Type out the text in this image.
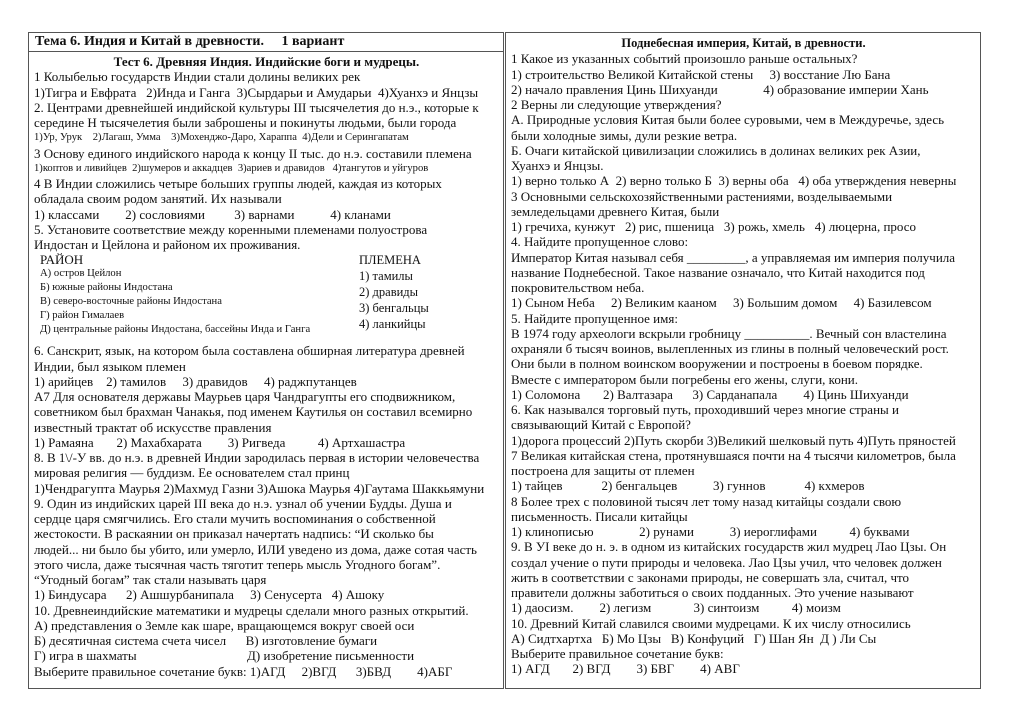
Тема 6. Индия и Китай в древности.     1 вариант
Тест 6. Древняя Индия. Индийские боги и мудрецы.
1 Колыбелью государств Индии стали долины великих рек
1)Тигра и Евфрата   2)Инда и Ганга  3)Сырдарьи и Амударьи  4)Хуанхэ и Янцзы
2. Центрами древнейшей индийской культуры III тысячелетия до н.э., которые к
середине Н тысячелетия были заброшены и покинуты людьми, были города
1)Ур, Урук    2)Лагаш, Умма    3)Мохенджо-Даро, Хараппа  4)Дели и Серингапатам
3 Основу единого индийского народа к концу II тыс. до н.э. составили племена
1)коптов и ливийцев  2)шумеров и аккадцев  3)ариев и дравидов   4)тангутов и уйгуров
4 В Индии сложились четыре больших группы людей, каждая из которых
обладала своим родом занятий. Их называли
1) классами        2) сословиями         3) варнами           4) кланами
5. Установите соответствие между коренными племенами полуострова
Индостан и Цейлона и районом их проживания.
РАЙОН
А) остров Цейлон
Б) южные районы Индостана
В) северо-восточные районы Индостана
Г) район Гималаев
Д) центральные районы Индостана, бассейны Инда и Ганга
ПЛЕМЕНА
1) тамилы
2) дравиды
3) бенгальцы
4) ланкийцы
6. Санскрит, язык, на котором была составлена обширная литература древней
Индии, был языком племен
1) арийцев    2) тамилов     3) дравидов     4) раджпутанцев
А7 Для основателя державы Маурьев царя Чандрагупты его сподвижником,
советником был брахман Чанакья, под именем Каутилья он составил всемирно
известный трактат об искусстве правления
1) Рамаяна       2) Махабхарата        3) Ригведа          4) Артхашастра
8. В 1\/-У вв. до н.э. в древней Индии зародилась первая в истории человечества
мировая религия — буддизм. Ее основателем стал принц
1)Чендрагупта Маурья 2)Махмуд Газни 3)Ашока Маурья 4)Гаутама Шаккьямуни
9. Один из индийских царей III века до н.э. узнал об учении Будды. Душа и
сердце царя смягчились. Его стали мучить воспоминания о собственной
жестокости. В раскаянии он приказал начертать надпись: “И сколько бы
людей... ни было бы убито, или умерло, ИЛИ уведено из дома, даже сотая часть
этого числа, даже тысячная часть тяготит теперь мысль Угодного богам”.
“Угодный богам” так стали называть царя
1) Биндусара      2) Ашшурбанипала     3) Сенусерта   4) Ашоку
10. Древнеиндийские математики и мудрецы сделали много разных открытий.
А) представления о Земле как шаре, вращающемся вокруг своей оси
Б) десятичная система счета чисел      В) изготовление бумаги
Г) игра в шахматы                                  Д) изобретение письменности
Выберите правильное сочетание букв: 1)АГД     2)ВГД      3)БВД        4)АБГ
Поднебесная империя, Китай, в древности.
1 Какое из указанных событий произошло раньше остальных?
1) строительство Великой Китайской стены     3) восстание Лю Бана
2) начало правления Цинь Шихуанди              4) образование империи Хань
2 Верны ли следующие утверждения?
А. Природные условия Китая были более суровыми, чем в Междуречье, здесь
были холодные зимы, дули резкие ветра.
Б. Очаги китайской цивилизации сложились в долинах великих рек Азии,
Хуанхэ и Янцзы.
1) верно только А  2) верно только Б  3) верны оба   4) оба утверждения неверны
3 Основными сельскохозяйственными растениями, возделываемыми
земледельцами древнего Китая, были
1) гречиха, кунжут   2) рис, пшеница   3) рожь, хмель   4) люцерна, просо
4. Найдите пропущенное слово:
Император Китая называл себя _________, а управляемая им империя получила
название Поднебесной. Такое название означало, что Китай находится под
покровительством неба.
1) Сыном Неба     2) Великим кааном     3) Большим домом     4) Базилевсом
5. Найдите пропущенное имя:
В 1974 году археологи вскрыли гробницу __________. Вечный сон властелина
охраняли б тысяч воинов, вылепленных из глины в полный человеческий рост.
Они были в полном воинском вооружении и построены в боевом порядке.
Вместе с императором были погребены его жены, слуги, кони.
1) Соломона       2) Валтазара      3) Сарданапала        4) Цинь Шихуанди
6. Как назывался торговый путь, проходивший через многие страны и
связывающий Китай с Европой?
1)дорога процессий 2)Путь скорби 3)Великий шелковый путь 4)Путь пряностей
7 Великая китайская стена, протянувшаяся почти на 4 тысячи километров, была
построена для защиты от племен
1) тайцев            2) бенгальцев           3) гуннов            4) кхмеров
8 Более трех с половиной тысяч лет тому назад китайцы создали свою
письменность. Писали китайцы
1) клинописью              2) рунами           3) иероглифами          4) буквами
9. В УI веке до н. э. в одном из китайских государств жил мудрец Лао Цзы. Он
создал учение о пути природы и человека. Лао Цзы учил, что человек должен
жить в соответствии с законами природы, не совершать зла, считал, что
правители должны заботиться о своих подданных. Это учение называют
1) даосизм.        2) легизм             3) синтоизм          4) моизм
10. Древний Китай славился своими мудрецами. К их числу относились
А) Сидтхартха   Б) Мо Цзы   В) Конфуций   Г) Шан Ян  Д ) Ли Сы
Выберите правильное сочетание букв:
1) АГД       2) ВГД        3) БВГ        4) АВГ
